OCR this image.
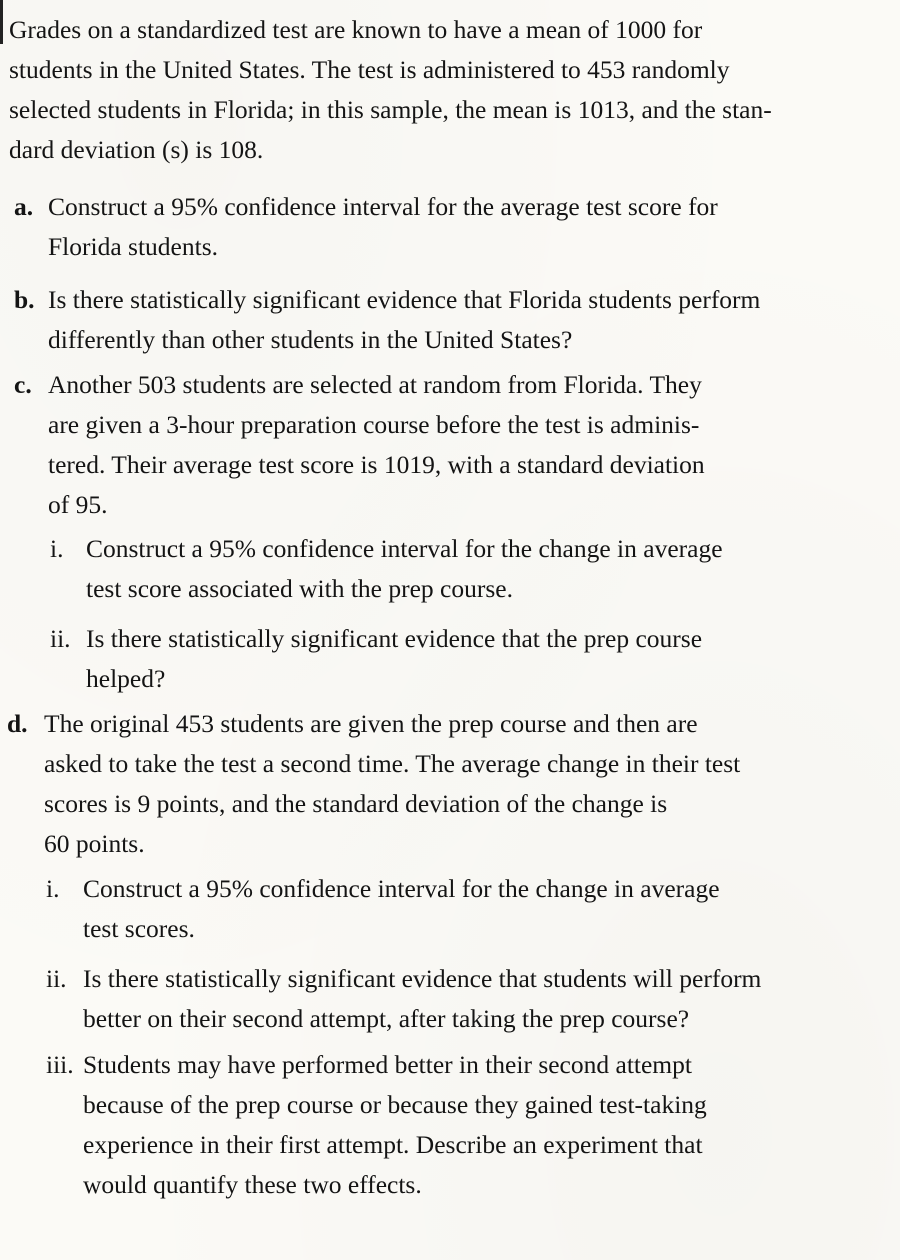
Grades on a standardized test are known to have a mean of 1000 for
students in the United States. The test is administered to 453 randomly
selected students in Florida; in this sample, the mean is 1013, and the stan-
dard deviation (s) is 108.
a. Construct a 95% confidence interval for the average test score for
Florida students.
b. Is there statistically significant evidence that Florida students perform
differently than other students in the United States?
c. Another 503 students are selected at random from Florida. They
are given a 3-hour preparation course before the test is adminis-
tered. Their average test score is 1019, with a standard deviation
of 95.
i. Construct a 95% confidence interval for the change in average
test score associated with the prep course.
ii. Is there statistically significant evidence that the prep course
helped?
d. The original 453 students are given the prep course and then are
asked to take the test a second time. The average change in their test
scores is 9 points, and the standard deviation of the change is
60 points.
i. Construct a 95% confidence interval for the change in average
test scores.
ii. Is there statistically significant evidence that students will perform
better on their second attempt, after taking the prep course?
iii. Students may have performed better in their second attempt
because of the prep course or because they gained test-taking
experience in their first attempt. Describe an experiment that
would quantify these two effects.
